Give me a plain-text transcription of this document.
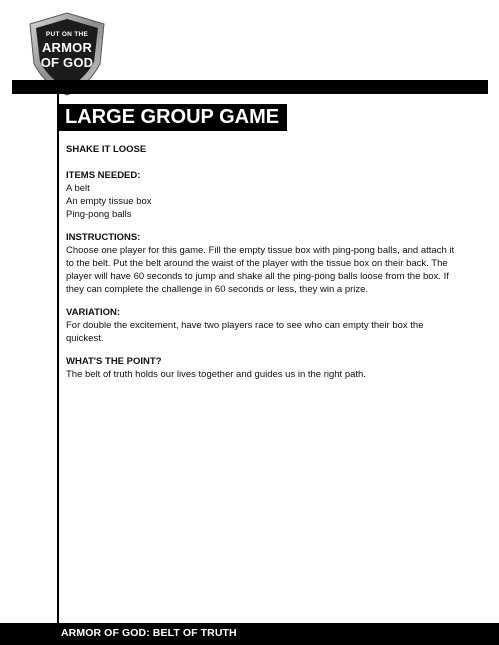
PUT ON THE
ARMOR
OF GOD
LARGE GROUP GAME

SHAKE IT LOOSE

ITEMS NEEDED:

A belt

An empty tissue box

Ping-pong balls

INSTRUCTIONS:

Choose one player for this game. Fill the empty tissue box with ping-pong balls, and attach it to the belt. Put the belt around the waist of the player with the tissue box on their back. The player will have 60 seconds to jump and shake all the ping-pong balls loose from the box. If they can complete the challenge in 60 seconds or less, they win a prize.

VARIATION:

For double the excitement, have two players race to see who can empty their box the quickest.

WHAT'S THE POINT?

The belt of truth holds our lives together and guides us in the right path.

ARMOR OF GOD: BELT OF TRUTH
